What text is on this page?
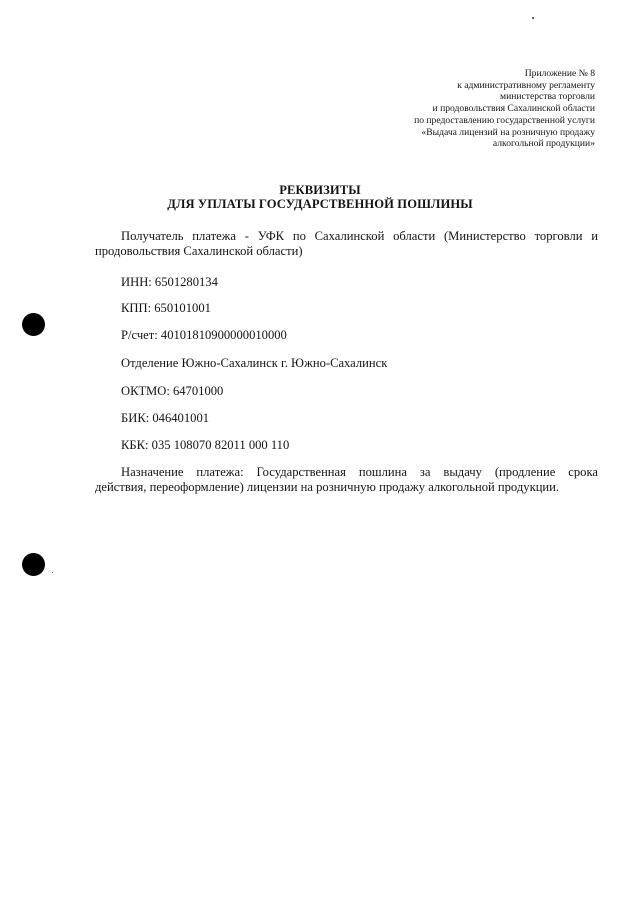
Приложение № 8
к административному регламенту
министерства торговли
и продовольствия Сахалинской области
по предоставлению государственной услуги
«Выдача лицензий на розничную продажу
алкогольной продукции»
РЕКВИЗИТЫ
ДЛЯ УПЛАТЫ ГОСУДАРСТВЕННОЙ ПОШЛИНЫ
Получатель платежа - УФК по Сахалинской области (Министерство торговли и
продовольствия Сахалинской области)
ИНН: 6501280134
КПП: 650101001
Р/счет: 40101810900000010000
Отделение Южно-Сахалинск г. Южно-Сахалинск
ОКТМО: 64701000
БИК: 046401001
КБК: 035 108070 82011 000 110
Назначение платежа: Государственная пошлина за выдачу (продление срока
действия, переоформление) лицензии на розничную продажу алкогольной продукции.
